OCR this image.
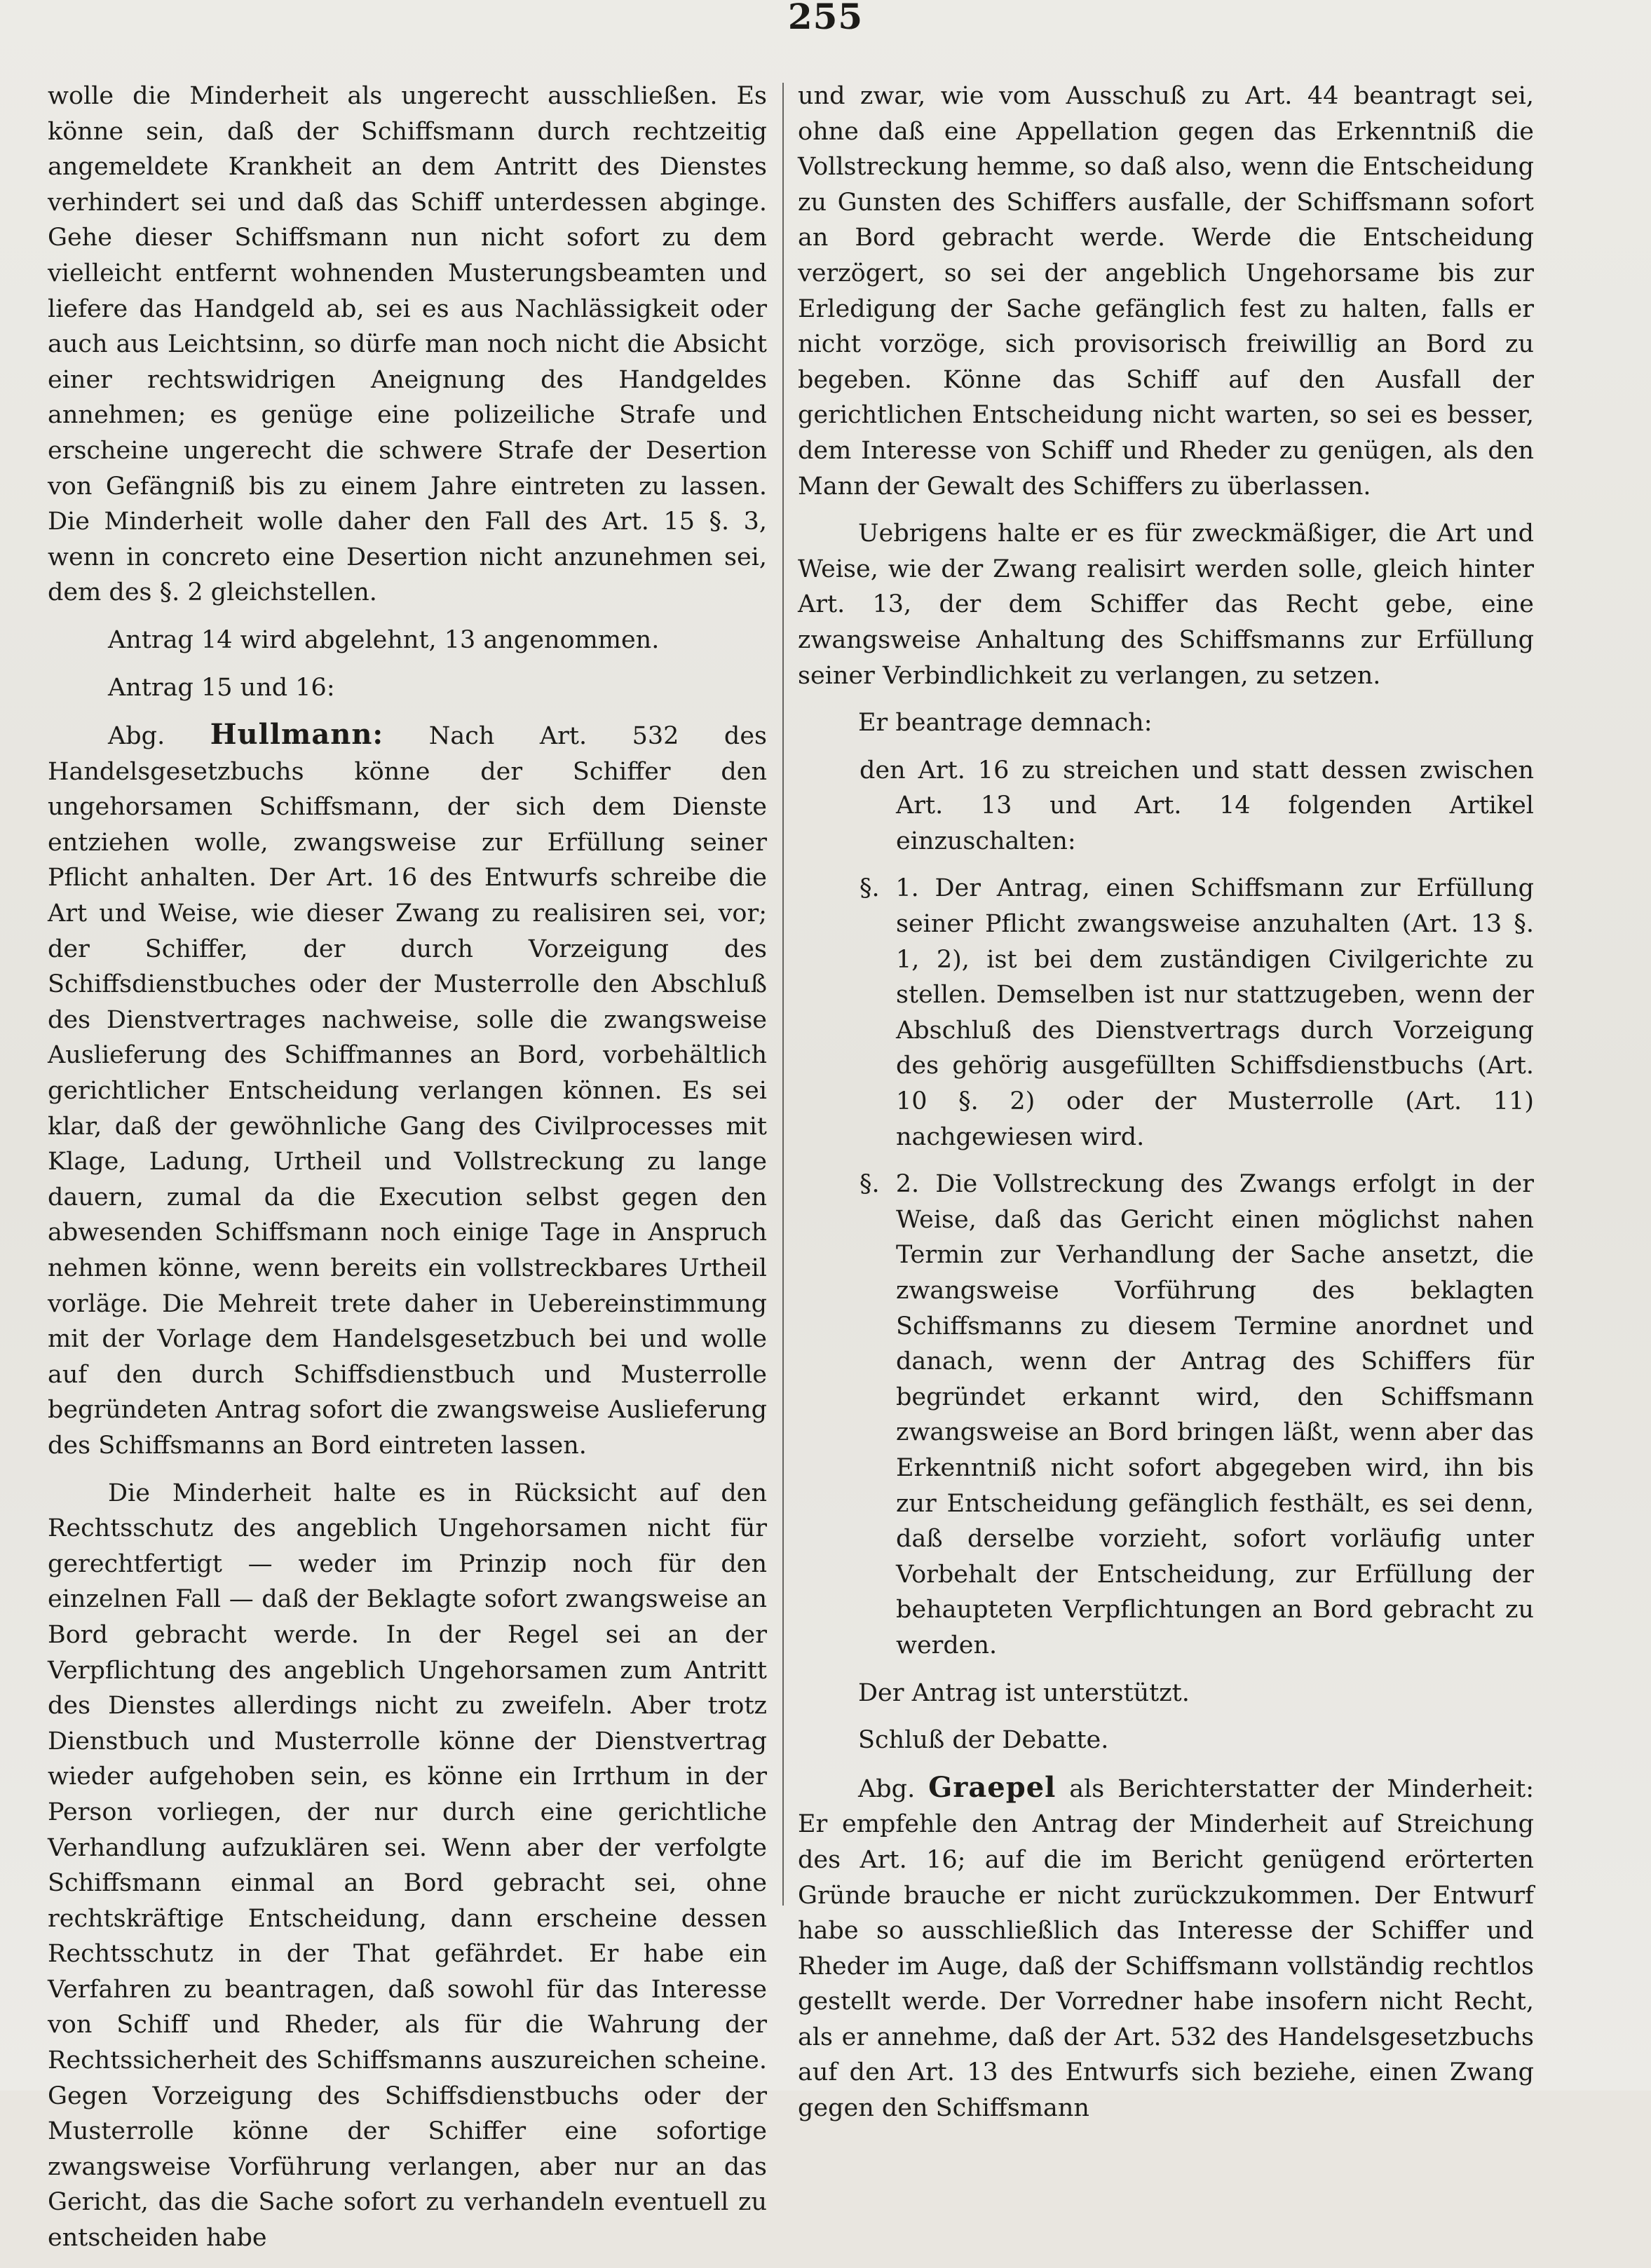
255

wolle die Minderheit als ungerecht ausschließen. Es könne sein, daß der Schiffsmann durch rechtzeitig angemeldete Krankheit an dem Antritt des Dienstes verhindert sei und daß das Schiff unterdessen abginge. Gehe dieser Schiffsmann nun nicht sofort zu dem vielleicht entfernt wohnenden Musterungsbeamten und liefere das Handgeld ab, sei es aus Nachlässigkeit oder auch aus Leichtsinn, so dürfe man noch nicht die Absicht einer rechtswidrigen Aneignung des Handgeldes annehmen; es genüge eine polizeiliche Strafe und erscheine ungerecht die schwere Strafe der Desertion von Gefängniß bis zu einem Jahre eintreten zu lassen. Die Minderheit wolle daher den Fall des Art. 15 §. 3, wenn in concreto eine Desertion nicht anzunehmen sei, dem des §. 2 gleichstellen.

Antrag 14 wird abgelehnt, 13 angenommen.

Antrag 15 und 16:

Abg. Hullmann: Nach Art. 532 des Handelsgesetzbuchs könne der Schiffer den ungehorsamen Schiffsmann, der sich dem Dienste entziehen wolle, zwangsweise zur Erfüllung seiner Pflicht anhalten. Der Art. 16 des Entwurfs schreibe die Art und Weise, wie dieser Zwang zu realisiren sei, vor; der Schiffer, der durch Vorzeigung des Schiffsdienstbuches oder der Musterrolle den Abschluß des Dienstvertrages nachweise, solle die zwangsweise Auslieferung des Schiffmannes an Bord, vorbehältlich gerichtlicher Entscheidung verlangen können. Es sei klar, daß der gewöhnliche Gang des Civilprocesses mit Klage, Ladung, Urtheil und Vollstreckung zu lange dauern, zumal da die Execution selbst gegen den abwesenden Schiffsmann noch einige Tage in Anspruch nehmen könne, wenn bereits ein vollstreckbares Urtheil vorläge. Die Mehreit trete daher in Uebereinstimmung mit der Vorlage dem Handelsgesetzbuch bei und wolle auf den durch Schiffsdienstbuch und Musterrolle begründeten Antrag sofort die zwangsweise Auslieferung des Schiffsmanns an Bord eintreten lassen.

Die Minderheit halte es in Rücksicht auf den Rechtsschutz des angeblich Ungehorsamen nicht für gerechtfertigt — weder im Prinzip noch für den einzelnen Fall — daß der Beklagte sofort zwangsweise an Bord gebracht werde. In der Regel sei an der Verpflichtung des angeblich Ungehorsamen zum Antritt des Dienstes allerdings nicht zu zweifeln. Aber trotz Dienstbuch und Musterrolle könne der Dienstvertrag wieder aufgehoben sein, es könne ein Irrthum in der Person vorliegen, der nur durch eine gerichtliche Verhandlung aufzuklären sei. Wenn aber der verfolgte Schiffsmann einmal an Bord gebracht sei, ohne rechtskräftige Entscheidung, dann erscheine dessen Rechtsschutz in der That gefährdet. Er habe ein Verfahren zu beantragen, daß sowohl für das Interesse von Schiff und Rheder, als für die Wahrung der Rechtssicherheit des Schiffsmanns auszureichen scheine. Gegen Vorzeigung des Schiffsdienstbuchs oder der Musterrolle könne der Schiffer eine sofortige zwangsweise Vorführung verlangen, aber nur an das Gericht, das die Sache sofort zu verhandeln eventuell zu entscheiden habe

und zwar, wie vom Ausschuß zu Art. 44 beantragt sei, ohne daß eine Appellation gegen das Erkenntniß die Vollstreckung hemme, so daß also, wenn die Entscheidung zu Gunsten des Schiffers ausfalle, der Schiffsmann sofort an Bord gebracht werde. Werde die Entscheidung verzögert, so sei der angeblich Ungehorsame bis zur Erledigung der Sache gefänglich fest zu halten, falls er nicht vorzöge, sich provisorisch freiwillig an Bord zu begeben. Könne das Schiff auf den Ausfall der gerichtlichen Entscheidung nicht warten, so sei es besser, dem Interesse von Schiff und Rheder zu genügen, als den Mann der Gewalt des Schiffers zu überlassen.

Uebrigens halte er es für zweckmäßiger, die Art und Weise, wie der Zwang realisirt werden solle, gleich hinter Art. 13, der dem Schiffer das Recht gebe, eine zwangsweise Anhaltung des Schiffsmanns zur Erfüllung seiner Verbindlichkeit zu verlangen, zu setzen.

Er beantrage demnach:

den Art. 16 zu streichen und statt dessen zwischen Art. 13 und Art. 14 folgenden Artikel einzuschalten:

§. 1. Der Antrag, einen Schiffsmann zur Erfüllung seiner Pflicht zwangsweise anzuhalten (Art. 13 §. 1, 2), ist bei dem zuständigen Civilgerichte zu stellen. Demselben ist nur stattzugeben, wenn der Abschluß des Dienstvertrags durch Vorzeigung des gehörig ausgefüllten Schiffsdienstbuchs (Art. 10 §. 2) oder der Musterrolle (Art. 11) nachgewiesen wird.

§. 2. Die Vollstreckung des Zwangs erfolgt in der Weise, daß das Gericht einen möglichst nahen Termin zur Verhandlung der Sache ansetzt, die zwangsweise Vorführung des beklagten Schiffsmanns zu diesem Termine anordnet und danach, wenn der Antrag des Schiffers für begründet erkannt wird, den Schiffsmann zwangsweise an Bord bringen läßt, wenn aber das Erkenntniß nicht sofort abgegeben wird, ihn bis zur Entscheidung gefänglich festhält, es sei denn, daß derselbe vorzieht, sofort vorläufig unter Vorbehalt der Entscheidung, zur Erfüllung der behaupteten Verpflichtungen an Bord gebracht zu werden.

Der Antrag ist unterstützt.

Schluß der Debatte.

Abg. Graepel als Berichterstatter der Minderheit: Er empfehle den Antrag der Minderheit auf Streichung des Art. 16; auf die im Bericht genügend erörterten Gründe brauche er nicht zurückzukommen. Der Entwurf habe so ausschließlich das Interesse der Schiffer und Rheder im Auge, daß der Schiffsmann vollständig rechtlos gestellt werde. Der Vorredner habe insofern nicht Recht, als er annehme, daß der Art. 532 des Handelsgesetzbuchs auf den Art. 13 des Entwurfs sich beziehe, einen Zwang gegen den Schiffsmann
